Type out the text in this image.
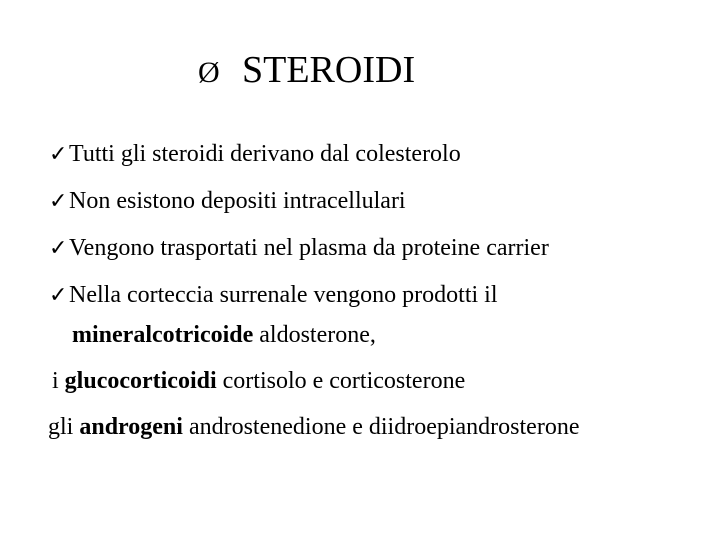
Ø STEROIDI
✓Tutti gli steroidi derivano dal colesterolo
✓Non esistono depositi intracellulari
✓Vengono trasportati nel plasma da proteine carrier
✓Nella corteccia surrenale vengono prodotti il
mineralcotricoide aldosterone,
i glucocorticoidi cortisolo e corticosterone
gli androgeni androstenedione e diidroepiandrosterone
